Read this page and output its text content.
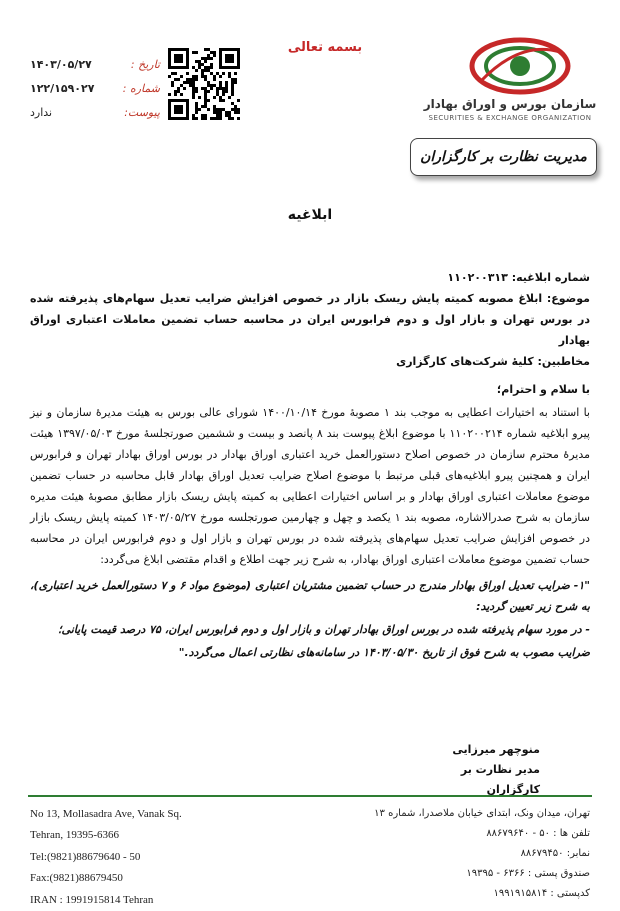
بسمه تعالی
تاریخ :
۱۴۰۳/۰۵/۲۷
شماره :
۱۲۲/۱۵۹۰۲۷
پیوست:
ندارد
سازمان بورس و اوراق بهادار
SECURITIES & EXCHANGE ORGANIZATION
مدیریت نظارت بر کارگزاران
ابلاغیه
شماره ابلاغیه: ۱۱۰۲۰۰۳۱۳
موضوع: ابلاغ مصوبه کمیته پایش ریسک بازار در خصوص افزایش ضرایب تعدیل سهام‌های پذیرفته شده در بورس تهران و بازار اول و دوم فرابورس ایران در محاسبه حساب تضمین معاملات اعتباری اوراق بهادار
مخاطبین: کلیهٔ شرکت‌های کارگزاری
با سلام و احترام؛

با استناد به اختیارات اعطایی به موجب بند ۱ مصوبهٔ مورخ ۱۴۰۰/۱۰/۱۴ شورای عالی بورس به هیئت مدیرهٔ سازمان و نیز پیرو ابلاغیه شماره ۱۱۰۲۰۰۲۱۴ با موضوع ابلاغ پیوست بند ۸ پانصد و بیست و ششمین صورتجلسهٔ مورخ ۱۳۹۷/۰۵/۰۳ هیئت مدیرهٔ محترم سازمان در خصوص اصلاح دستورالعمل خرید اعتباری اوراق بهادار در بورس اوراق بهادار تهران و فرابورس ایران و همچنین پیرو ابلاغیه‌های قبلی مرتبط با موضوع اصلاح ضرایب تعدیل اوراق بهادار قابل محاسبه در حساب تضمین موضوع معاملات اعتباری اوراق بهادار و بر اساس اختیارات اعطایی به کمیته پایش ریسک بازار مطابق مصوبهٔ هیئت مدیره سازمان به شرح صدرالاشاره، مصوبه بند ۱ یکصد و چهل و چهارمین صورتجلسه مورخ ۱۴۰۳/۰۵/۲۷ کمیته پایش ریسک بازار در خصوص افزایش ضرایب تعدیل سهام‌های پذیرفته شده در بورس تهران و بازار اول و دوم فرابورس ایران در محاسبه حساب تضمین موضوع معاملات اعتباری اوراق بهادار، به شرح زیر جهت اطلاع و اقدام مقتضی ابلاغ می‌گردد:

"۱- ضرایب تعدیل اوراق بهادار مندرج در حساب تضمین مشتریان اعتباری (موضوع مواد ۶ و ۷ دستورالعمل خرید اعتباری)، به شرح زیر تعیین گردید:
- در مورد سهام پذیرفته شده در بورس اوراق بهادار تهران و بازار اول و دوم فرابورس ایران، ۷۵ درصد قیمت پایانی؛
ضرایب مصوب به شرح فوق از تاریخ ۱۴۰۳/۰۵/۳۰ در سامانه‌های نظارتی اعمال می‌گردد."
منوچهر میرزایی
مدیر نظارت بر کارگزاران
No 13, Mollasadra Ave, Vanak Sq.
Tehran, 19395-6366
Tel:(9821)88679640 - 50
Fax:(9821)88679450
IRAN : 1991915814 Tehran
تهران، میدان ونک، ابتدای خیابان ملاصدرا، شماره ۱۳
تلفن ها : ۵۰ - ۸۸۶۷۹۶۴۰
نمابر: ۸۸۶۷۹۴۵۰
صندوق پستی : ۶۳۶۶ - ۱۹۳۹۵
کدپستی : ۱۹۹۱۹۱۵۸۱۴
